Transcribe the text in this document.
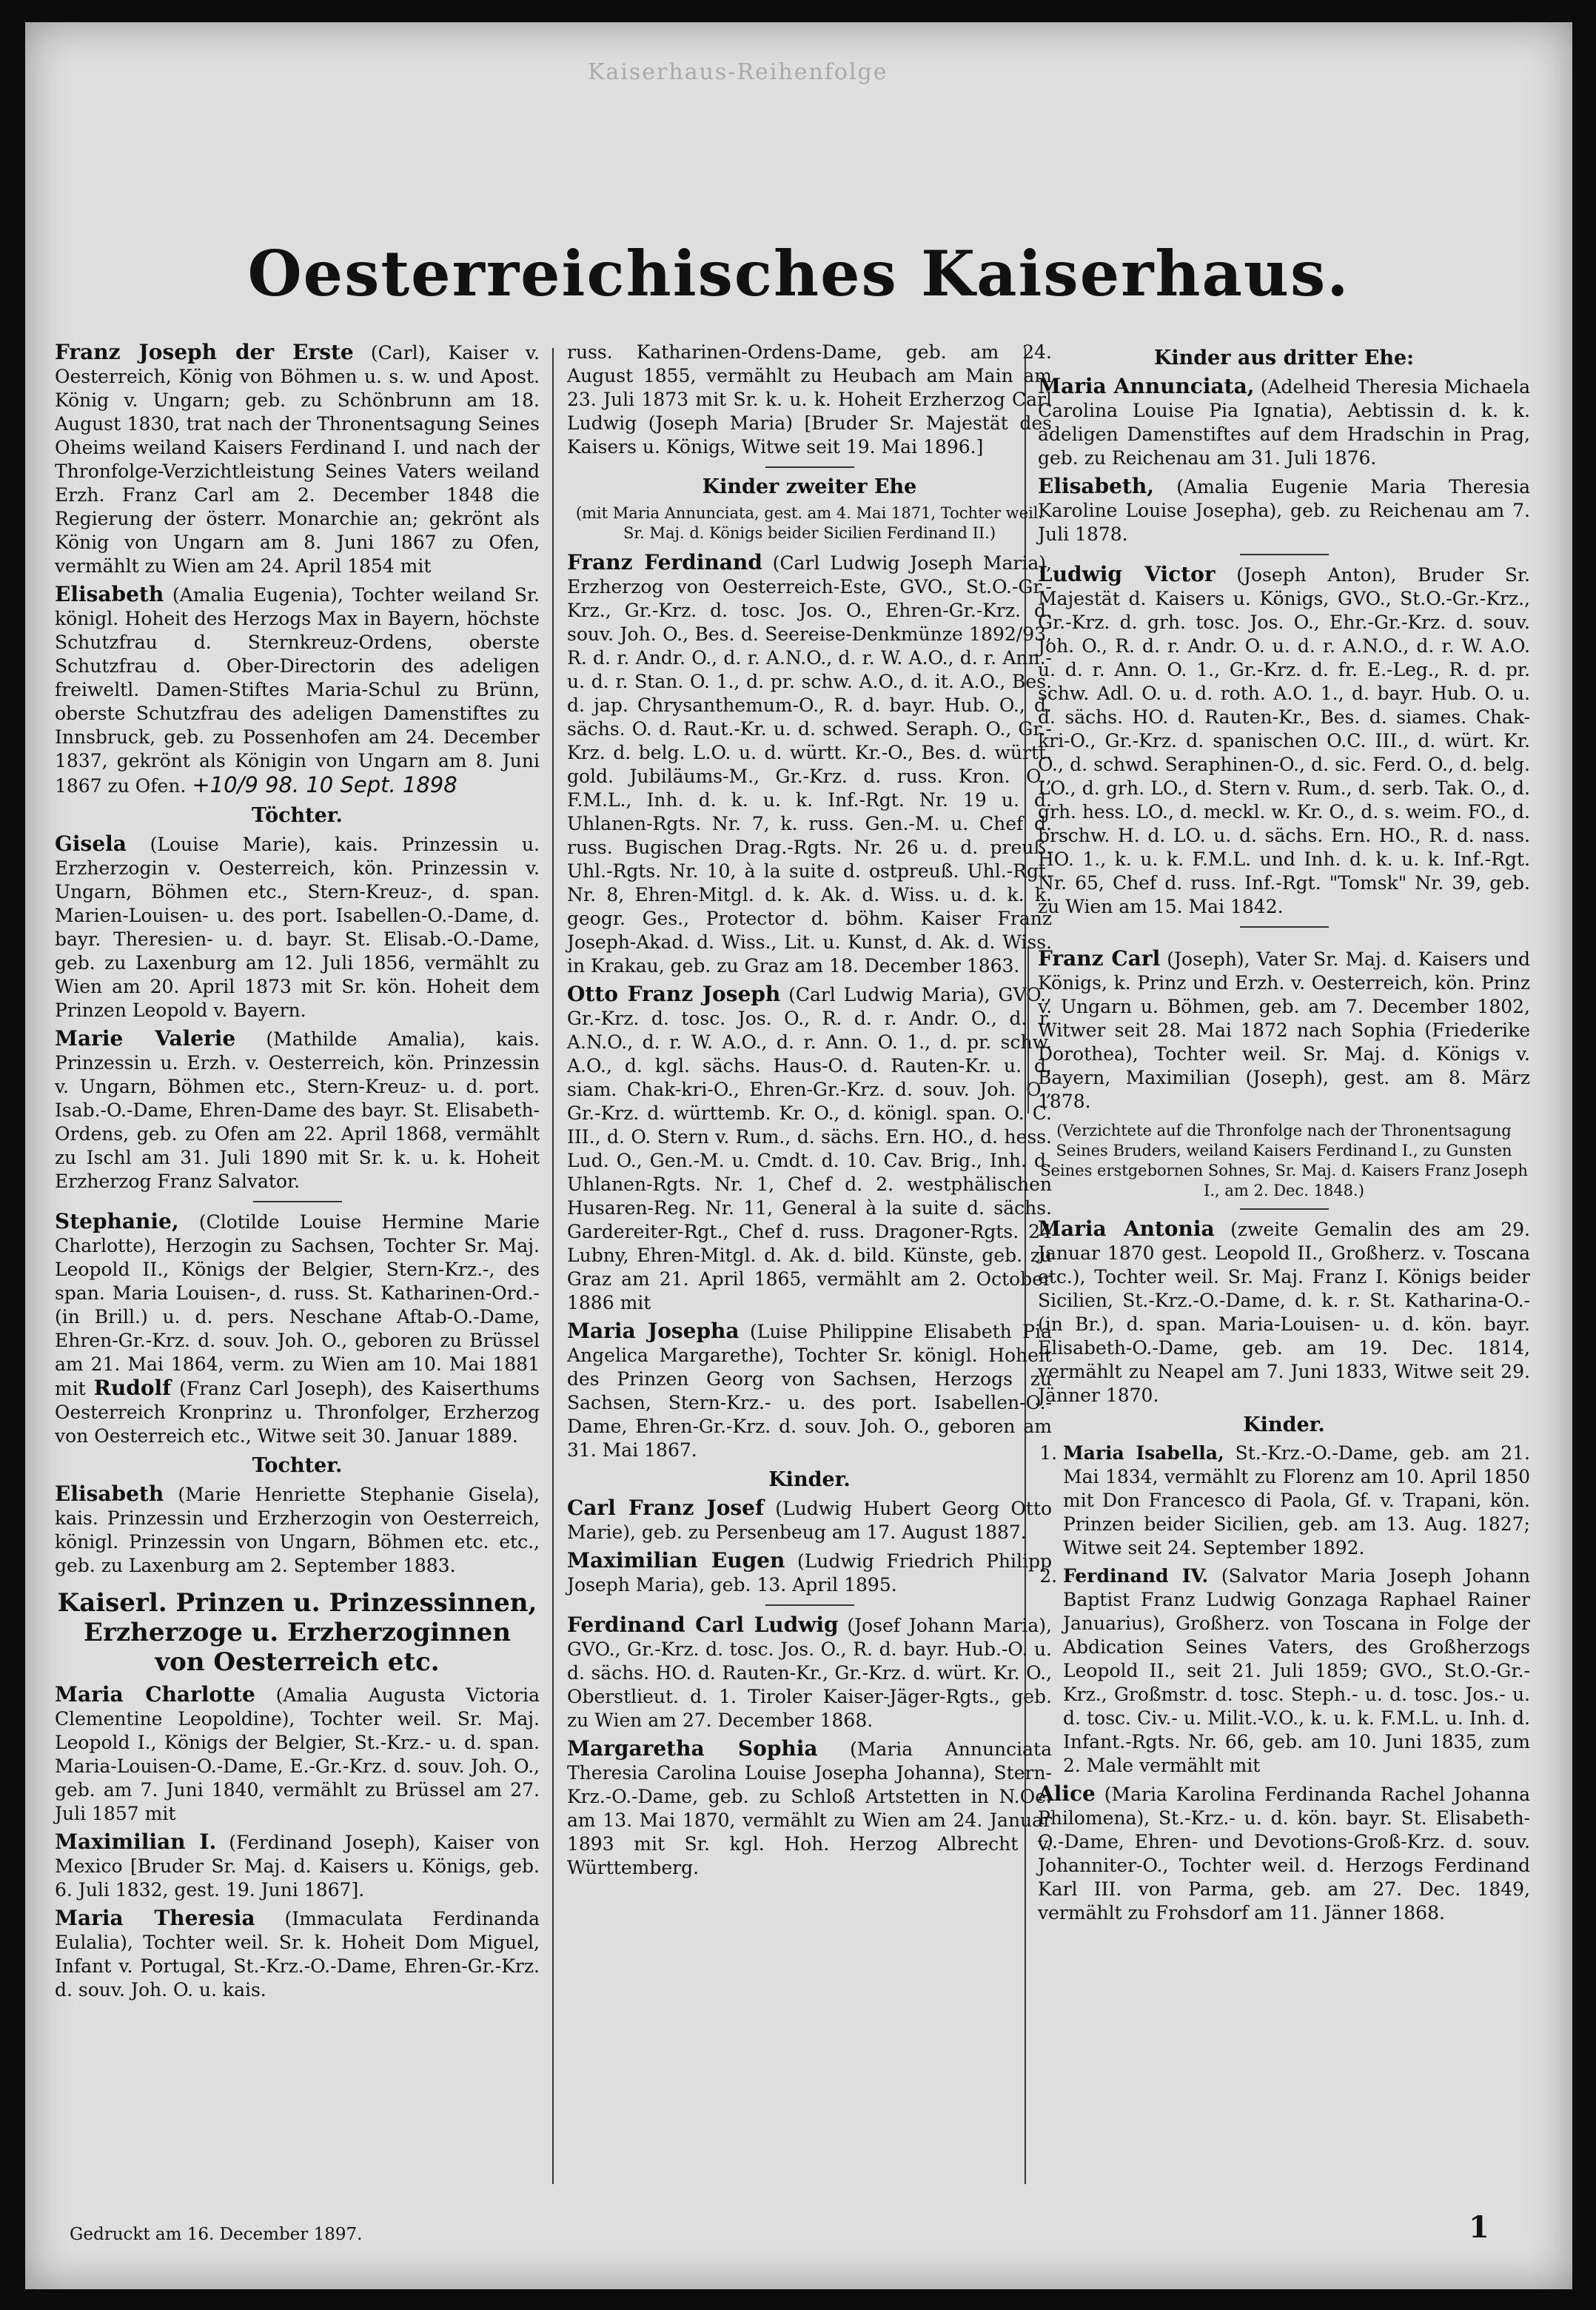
Kaiserhaus-Reihenfolge
Oesterreichisches Kaiserhaus.

Franz Joseph der Erste (Carl), Kaiser v. Oesterreich, König von Böhmen u. s. w. und Apost. König v. Ungarn; geb. zu Schönbrunn am 18. August 1830, trat nach der Thronentsagung Seines Oheims weiland Kaisers Ferdinand I. und nach der Thronfolge-Verzichtleistung Seines Vaters weiland Erzh. Franz Carl am 2. December 1848 die Regierung der österr. Monarchie an; gekrönt als König von Ungarn am 8. Juni 1867 zu Ofen, vermählt zu Wien am 24. April 1854 mit

Elisabeth (Amalia Eugenia), Tochter weiland Sr. königl. Hoheit des Herzogs Max in Bayern, höchste Schutzfrau d. Sternkreuz-Ordens, oberste Schutzfrau d. Ober-Directorin des adeligen freiweltl. Damen-Stiftes Maria-Schul zu Brünn, oberste Schutzfrau des adeligen Damenstiftes zu Innsbruck, geb. zu Possenhofen am 24. December 1837, gekrönt als Königin von Ungarn am 8. Juni 1867 zu Ofen. +10/9 98. 10 Sept. 1898

Töchter.

Gisela (Louise Marie), kais. Prinzessin u. Erzherzogin v. Oesterreich, kön. Prinzessin v. Ungarn, Böhmen etc., Stern-Kreuz-, d. span. Marien-Louisen- u. des port. Isabellen-O.-Dame, d. bayr. Theresien- u. d. bayr. St. Elisab.-O.-Dame, geb. zu Laxenburg am 12. Juli 1856, vermählt zu Wien am 20. April 1873 mit Sr. kön. Hoheit dem Prinzen Leopold v. Bayern.

Marie Valerie (Mathilde Amalia), kais. Prinzessin u. Erzh. v. Oesterreich, kön. Prinzessin v. Ungarn, Böhmen etc., Stern-Kreuz- u. d. port. Isab.-O.-Dame, Ehren-Dame des bayr. St. Elisabeth-Ordens, geb. zu Ofen am 22. April 1868, vermählt zu Ischl am 31. Juli 1890 mit Sr. k. u. k. Hoheit Erzherzog Franz Salvator.

Stephanie, (Clotilde Louise Hermine Marie Charlotte), Herzogin zu Sachsen, Tochter Sr. Maj. Leopold II., Königs der Belgier, Stern-Krz.-, des span. Maria Louisen-, d. russ. St. Katharinen-Ord.- (in Brill.) u. d. pers. Neschane Aftab-O.-Dame, Ehren-Gr.-Krz. d. souv. Joh. O., geboren zu Brüssel am 21. Mai 1864, verm. zu Wien am 10. Mai 1881 mit Rudolf (Franz Carl Joseph), des Kaiserthums Oesterreich Kronprinz u. Thronfolger, Erzherzog von Oesterreich etc., Witwe seit 30. Januar 1889.

Tochter.

Elisabeth (Marie Henriette Stephanie Gisela), kais. Prinzessin und Erzherzogin von Oesterreich, königl. Prinzessin von Ungarn, Böhmen etc. etc., geb. zu Laxenburg am 2. September 1883.

Kaiserl. Prinzen u. Prinzessinnen, Erzherzoge u. Erzherzoginnen von Oesterreich etc.

Maria Charlotte (Amalia Augusta Victoria Clementine Leopoldine), Tochter weil. Sr. Maj. Leopold I., Königs der Belgier, St.-Krz.- u. d. span. Maria-Louisen-O.-Dame, E.-Gr.-Krz. d. souv. Joh. O., geb. am 7. Juni 1840, vermählt zu Brüssel am 27. Juli 1857 mit

Maximilian I. (Ferdinand Joseph), Kaiser von Mexico [Bruder Sr. Maj. d. Kaisers u. Königs, geb. 6. Juli 1832, gest. 19. Juni 1867].

Maria Theresia (Immaculata Ferdinanda Eulalia), Tochter weil. Sr. k. Hoheit Dom Miguel, Infant v. Portugal, St.-Krz.-O.-Dame, Ehren-Gr.-Krz. d. souv. Joh. O. u. kais.

russ. Katharinen-Ordens-Dame, geb. am 24. August 1855, vermählt zu Heubach am Main am 23. Juli 1873 mit Sr. k. u. k. Hoheit Erzherzog Carl Ludwig (Joseph Maria) [Bruder Sr. Majestät des Kaisers u. Königs, Witwe seit 19. Mai 1896.]

Kinder zweiter Ehe
(mit Maria Annunciata, gest. am 4. Mai 1871, Tochter weil. Sr. Maj. d. Königs beider Sicilien Ferdinand II.)

Franz Ferdinand (Carl Ludwig Joseph Maria), Erzherzog von Oesterreich-Este, GVO., St.O.-Gr.-Krz., Gr.-Krz. d. tosc. Jos. O., Ehren-Gr.-Krz. d. souv. Joh. O., Bes. d. Seereise-Denkmünze 1892/93, R. d. r. Andr. O., d. r. A.N.O., d. r. W. A.O., d. r. Ann.-u. d. r. Stan. O. 1., d. pr. schw. A.O., d. it. A.O., Bes. d. jap. Chrysanthemum-O., R. d. bayr. Hub. O., d. sächs. O. d. Raut.-Kr. u. d. schwed. Seraph. O., Gr.-Krz. d. belg. L.O. u. d. württ. Kr.-O., Bes. d. württ. gold. Jubiläums-M., Gr.-Krz. d. russ. Kron. O., F.M.L., Inh. d. k. u. k. Inf.-Rgt. Nr. 19 u. d. Uhlanen-Rgts. Nr. 7, k. russ. Gen.-M. u. Chef d. russ. Bugischen Drag.-Rgts. Nr. 26 u. d. preuß. Uhl.-Rgts. Nr. 10, à la suite d. ostpreuß. Uhl.-Rgt. Nr. 8, Ehren-Mitgl. d. k. Ak. d. Wiss. u. d. k. k. geogr. Ges., Protector d. böhm. Kaiser Franz Joseph-Akad. d. Wiss., Lit. u. Kunst, d. Ak. d. Wiss. in Krakau, geb. zu Graz am 18. December 1863.

Otto Franz Joseph (Carl Ludwig Maria), GVO., Gr.-Krz. d. tosc. Jos. O., R. d. r. Andr. O., d. r. A.N.O., d. r. W. A.O., d. r. Ann. O. 1., d. pr. schw. A.O., d. kgl. sächs. Haus-O. d. Rauten-Kr. u. d. siam. Chak-kri-O., Ehren-Gr.-Krz. d. souv. Joh. O., Gr.-Krz. d. württemb. Kr. O., d. königl. span. O. C. III., d. O. Stern v. Rum., d. sächs. Ern. HO., d. hess. Lud. O., Gen.-M. u. Cmdt. d. 10. Cav. Brig., Inh. d. Uhlanen-Rgts. Nr. 1, Chef d. 2. westphälischen Husaren-Reg. Nr. 11, General à la suite d. sächs. Gardereiter-Rgt., Chef d. russ. Dragoner-Rgts. 24 Lubny, Ehren-Mitgl. d. Ak. d. bild. Künste, geb. zu Graz am 21. April 1865, vermählt am 2. October 1886 mit

Maria Josepha (Luise Philippine Elisabeth Pia Angelica Margarethe), Tochter Sr. königl. Hoheit des Prinzen Georg von Sachsen, Herzogs zu Sachsen, Stern-Krz.- u. des port. Isabellen-O.-Dame, Ehren-Gr.-Krz. d. souv. Joh. O., geboren am 31. Mai 1867.

Kinder.

Carl Franz Josef (Ludwig Hubert Georg Otto Marie), geb. zu Persenbeug am 17. August 1887.

Maximilian Eugen (Ludwig Friedrich Philipp Joseph Maria), geb. 13. April 1895.

Ferdinand Carl Ludwig (Josef Johann Maria), GVO., Gr.-Krz. d. tosc. Jos. O., R. d. bayr. Hub.-O. u. d. sächs. HO. d. Rauten-Kr., Gr.-Krz. d. würt. Kr. O., Oberstlieut. d. 1. Tiroler Kaiser-Jäger-Rgts., geb. zu Wien am 27. December 1868.

Margaretha Sophia (Maria Annunciata Theresia Carolina Louise Josepha Johanna), Stern-Krz.-O.-Dame, geb. zu Schloß Artstetten in N.Oe. am 13. Mai 1870, vermählt zu Wien am 24. Januar 1893 mit Sr. kgl. Hoh. Herzog Albrecht v. Württemberg.

Kinder aus dritter Ehe:

Maria Annunciata, (Adelheid Theresia Michaela Carolina Louise Pia Ignatia), Aebtissin d. k. k. adeligen Damenstiftes auf dem Hradschin in Prag, geb. zu Reichenau am 31. Juli 1876.

Elisabeth, (Amalia Eugenie Maria Theresia Karoline Louise Josepha), geb. zu Reichenau am 7. Juli 1878.

Ludwig Victor (Joseph Anton), Bruder Sr. Majestät d. Kaisers u. Königs, GVO., St.O.-Gr.-Krz., Gr.-Krz. d. grh. tosc. Jos. O., Ehr.-Gr.-Krz. d. souv. Joh. O., R. d. r. Andr. O. u. d. r. A.N.O., d. r. W. A.O. u. d. r. Ann. O. 1., Gr.-Krz. d. fr. E.-Leg., R. d. pr. schw. Adl. O. u. d. roth. A.O. 1., d. bayr. Hub. O. u. d. sächs. HO. d. Rauten-Kr., Bes. d. siames. Chak-kri-O., Gr.-Krz. d. spanischen O.C. III., d. würt. Kr. O., d. schwd. Seraphinen-O., d. sic. Ferd. O., d. belg. LO., d. grh. LO., d. Stern v. Rum., d. serb. Tak. O., d. grh. hess. LO., d. meckl. w. Kr. O., d. s. weim. FO., d. brschw. H. d. LO. u. d. sächs. Ern. HO., R. d. nass. HO. 1., k. u. k. F.M.L. und Inh. d. k. u. k. Inf.-Rgt. Nr. 65, Chef d. russ. Inf.-Rgt. "Tomsk" Nr. 39, geb. zu Wien am 15. Mai 1842.

Franz Carl (Joseph), Vater Sr. Maj. d. Kaisers und Königs, k. Prinz und Erzh. v. Oesterreich, kön. Prinz v. Ungarn u. Böhmen, geb. am 7. December 1802, Witwer seit 28. Mai 1872 nach Sophia (Friederike Dorothea), Tochter weil. Sr. Maj. d. Königs v. Bayern, Maximilian (Joseph), gest. am 8. März 1878.

(Verzichtete auf die Thronfolge nach der Thronentsagung Seines Bruders, weiland Kaisers Ferdinand I., zu Gunsten Seines erstgebornen Sohnes, Sr. Maj. d. Kaisers Franz Joseph I., am 2. Dec. 1848.)

Maria Antonia (zweite Gemalin des am 29. Januar 1870 gest. Leopold II., Großherz. v. Toscana etc.), Tochter weil. Sr. Maj. Franz I. Königs beider Sicilien, St.-Krz.-O.-Dame, d. k. r. St. Katharina-O.- (in Br.), d. span. Maria-Louisen- u. d. kön. bayr. Elisabeth-O.-Dame, geb. am 19. Dec. 1814, vermählt zu Neapel am 7. Juni 1833, Witwe seit 29. Jänner 1870.

Kinder.
1. Maria Isabella, St.-Krz.-O.-Dame, geb. am 21. Mai 1834, vermählt zu Florenz am 10. April 1850 mit Don Francesco di Paola, Gf. v. Trapani, kön. Prinzen beider Sicilien, geb. am 13. Aug. 1827; Witwe seit 24. September 1892.
2. Ferdinand IV. (Salvator Maria Joseph Johann Baptist Franz Ludwig Gonzaga Raphael Rainer Januarius), Großherz. von Toscana in Folge der Abdication Seines Vaters, des Großherzogs Leopold II., seit 21. Juli 1859; GVO., St.O.-Gr.-Krz., Großmstr. d. tosc. Steph.- u. d. tosc. Jos.- u. d. tosc. Civ.- u. Milit.-V.O., k. u. k. F.M.L. u. Inh. d. Infant.-Rgts. Nr. 66, geb. am 10. Juni 1835, zum 2. Male vermählt mit

Alice (Maria Karolina Ferdinanda Rachel Johanna Philomena), St.-Krz.- u. d. kön. bayr. St. Elisabeth-O.-Dame, Ehren- und Devotions-Groß-Krz. d. souv. Johanniter-O., Tochter weil. d. Herzogs Ferdinand Karl III. von Parma, geb. am 27. Dec. 1849, vermählt zu Frohsdorf am 11. Jänner 1868.

Gedruckt am 16. December 1897.	1
